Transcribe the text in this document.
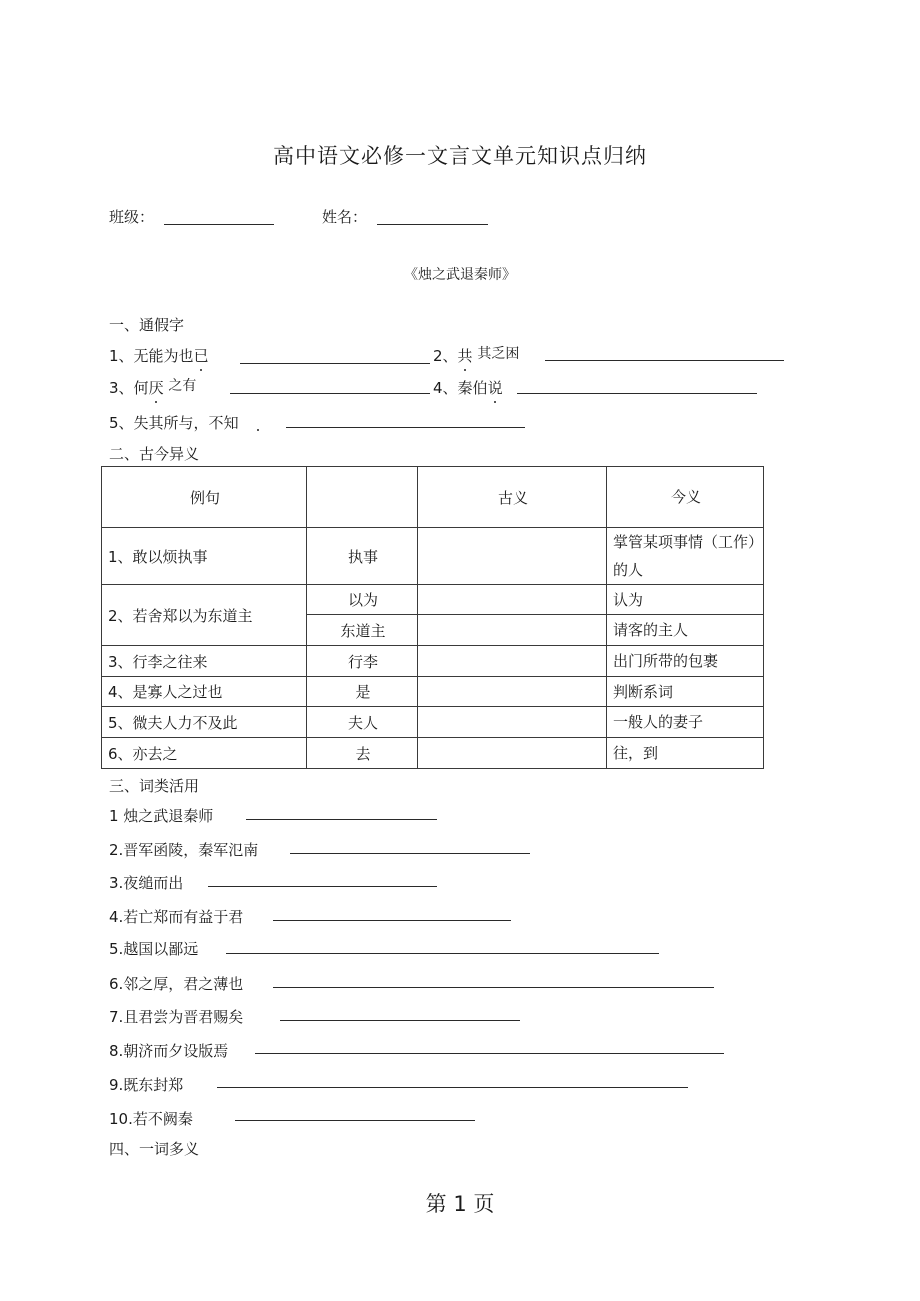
高中语文必修一文言文单元知识点归纳
班级：	姓名：
《烛之武退秦师》
一、通假字
1、无能为也已	2、共 其乏困
3、何厌 之有	4、秦伯说
5、失其所与，不知
二、古今异义
例句		古义	今义
1、敢以烦执事	执事		掌管某项事情（工作）的人
2、若舍郑以为东道主	以为		认为
	东道主		请客的主人
3、行李之往来	行李		出门所带的包裹
4、是寡人之过也	是		判断系词
5、微夫人力不及此	夫人		一般人的妻子
6、亦去之	去		往，到
三、词类活用
1 烛之武退秦师
2.晋军函陵，秦军氾南
3.夜缒而出
4.若亡郑而有益于君
5.越国以鄙远
6.邻之厚，君之薄也
7.且君尝为晋君赐矣
8.朝济而夕设版焉
9.既东封郑
10.若不阙秦
四、一词多义
第 1 页
